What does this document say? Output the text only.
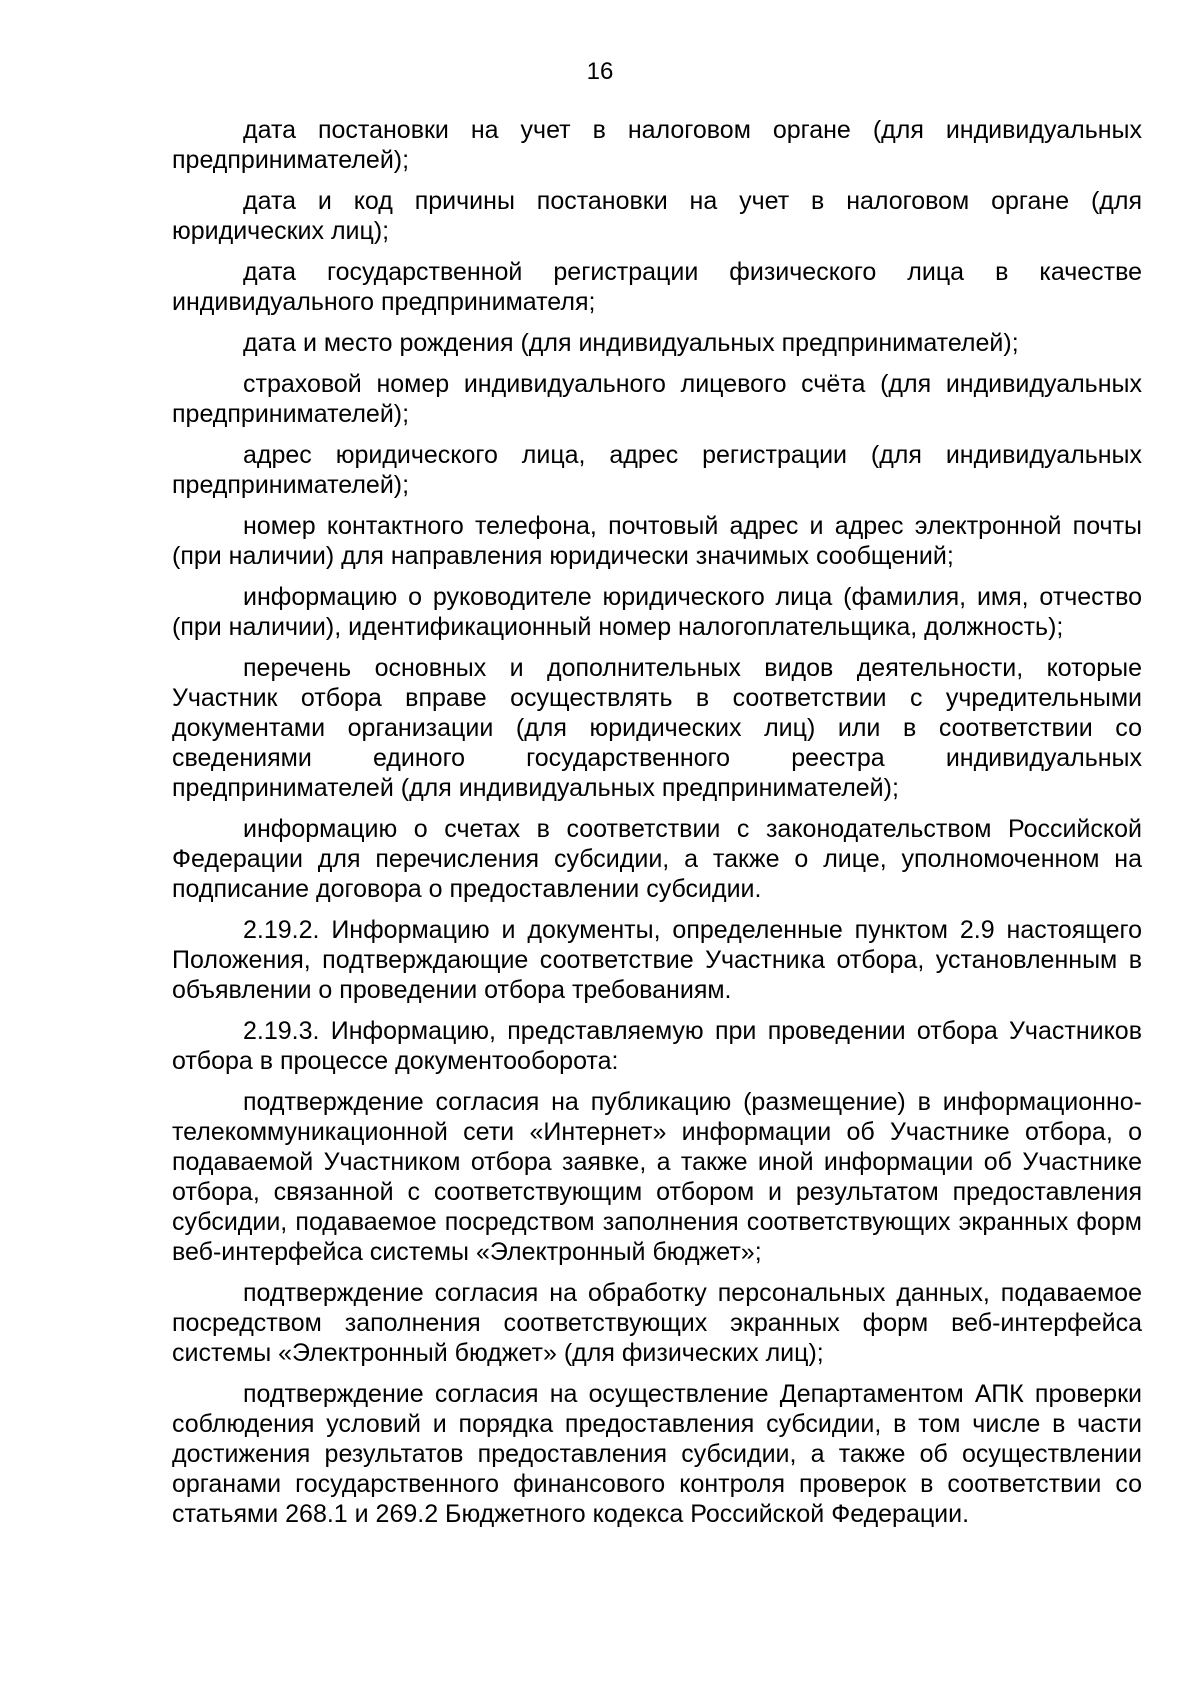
16

дата постановки на учет в налоговом органе (для индивидуальных предпринимателей);

дата и код причины постановки на учет в налоговом органе (для юридических лиц);

дата государственной регистрации физического лица в качестве индивидуального предпринимателя;

дата и место рождения (для индивидуальных предпринимателей);

страховой номер индивидуального лицевого счёта (для индивидуальных предпринимателей);

адрес юридического лица, адрес регистрации (для индивидуальных предпринимателей);

номер контактного телефона, почтовый адрес и адрес электронной почты (при наличии) для направления юридически значимых сообщений;

информацию о руководителе юридического лица (фамилия, имя, отчество (при наличии), идентификационный номер налогоплательщика, должность);

перечень основных и дополнительных видов деятельности, которые Участник отбора вправе осуществлять в соответствии с учредительными документами организации (для юридических лиц) или в соответствии со сведениями единого государственного реестра индивидуальных предпринимателей (для индивидуальных предпринимателей);

информацию о счетах в соответствии с законодательством Российской Федерации для перечисления субсидии, а также о лице, уполномоченном на подписание договора о предоставлении субсидии.

2.19.2. Информацию и документы, определенные пунктом 2.9 настоящего Положения, подтверждающие соответствие Участника отбора, установленным в объявлении о проведении отбора требованиям.

2.19.3. Информацию, представляемую при проведении отбора Участников отбора в процессе документооборота:

подтверждение согласия на публикацию (размещение) в информационно-телекоммуникационной сети «Интернет» информации об Участнике отбора, о подаваемой Участником отбора заявке, а также иной информации об Участнике отбора, связанной с соответствующим отбором и результатом предоставления субсидии, подаваемое посредством заполнения соответствующих экранных форм веб-интерфейса системы «Электронный бюджет»;

подтверждение согласия на обработку персональных данных, подаваемое посредством заполнения соответствующих экранных форм веб-интерфейса системы «Электронный бюджет» (для физических лиц);

подтверждение согласия на осуществление Департаментом АПК проверки соблюдения условий и порядка предоставления субсидии, в том числе в части достижения результатов предоставления субсидии, а также об осуществлении органами государственного финансового контроля проверок в соответствии со статьями 268.1 и 269.2 Бюджетного кодекса Российской Федерации.
